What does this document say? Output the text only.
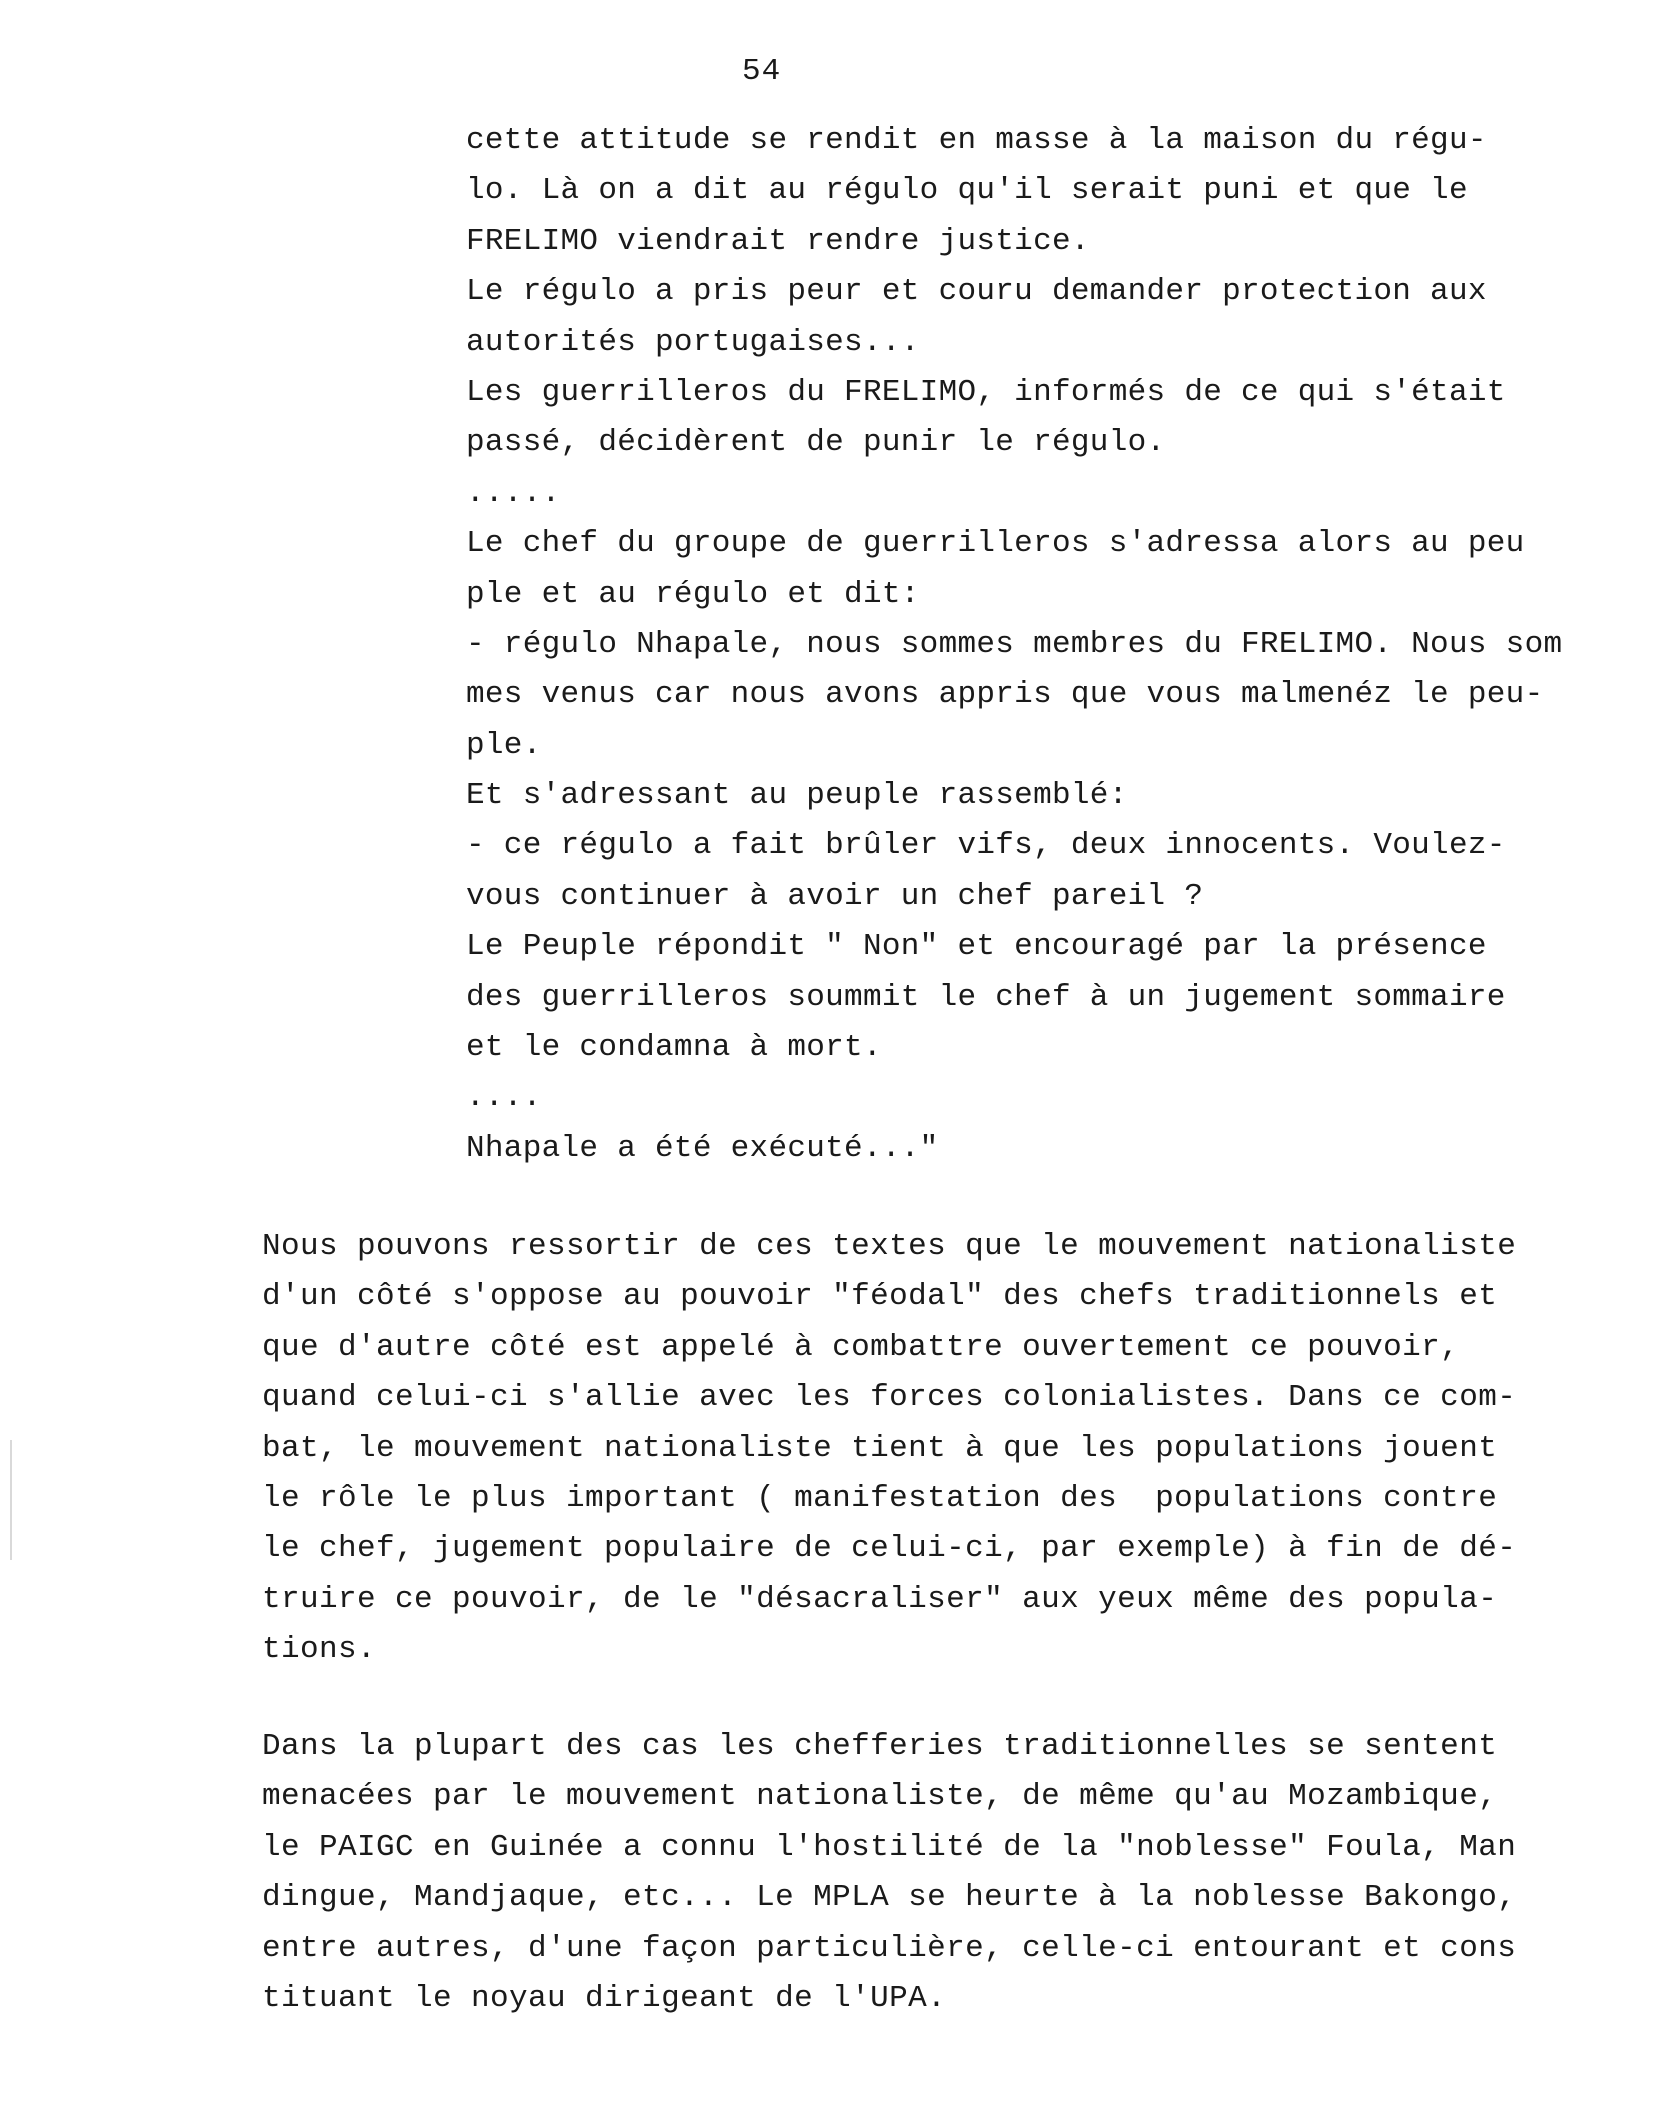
54
cette attitude se rendit en masse à la maison du régu-
lo. Là on a dit au régulo qu'il serait puni et que le
FRELIMO viendrait rendre justice.
Le régulo a pris peur et couru demander protection aux
autorités portugaises...
Les guerrilleros du FRELIMO, informés de ce qui s'était
passé, décidèrent de punir le régulo.
.....
Le chef du groupe de guerrilleros s'adressa alors au peu
ple et au régulo et dit:
- régulo Nhapale, nous sommes membres du FRELIMO. Nous som
mes venus car nous avons appris que vous malmenéz le peu-
ple.
Et s'adressant au peuple rassemblé:
- ce régulo a fait brûler vifs, deux innocents. Voulez-
vous continuer à avoir un chef pareil ?
Le Peuple répondit " Non" et encouragé par la présence
des guerrilleros soummit le chef à un jugement sommaire
et le condamna à mort.
....
Nhapale a été exécuté..."
Nous pouvons ressortir de ces textes que le mouvement nationaliste
d'un côté s'oppose au pouvoir "féodal" des chefs traditionnels et
que d'autre côté est appelé à combattre ouvertement ce pouvoir,
quand celui-ci s'allie avec les forces colonialistes. Dans ce com-
bat, le mouvement nationaliste tient à que les populations jouent
le rôle le plus important ( manifestation des  populations contre
le chef, jugement populaire de celui-ci, par exemple) à fin de dé-
truire ce pouvoir, de le "désacraliser" aux yeux même des popula-
tions.
Dans la plupart des cas les chefferies traditionnelles se sentent
menacées par le mouvement nationaliste, de même qu'au Mozambique,
le PAIGC en Guinée a connu l'hostilité de la "noblesse" Foula, Man
dingue, Mandjaque, etc... Le MPLA se heurte à la noblesse Bakongo,
entre autres, d'une façon particulière, celle-ci entourant et cons
tituant le noyau dirigeant de l'UPA.
